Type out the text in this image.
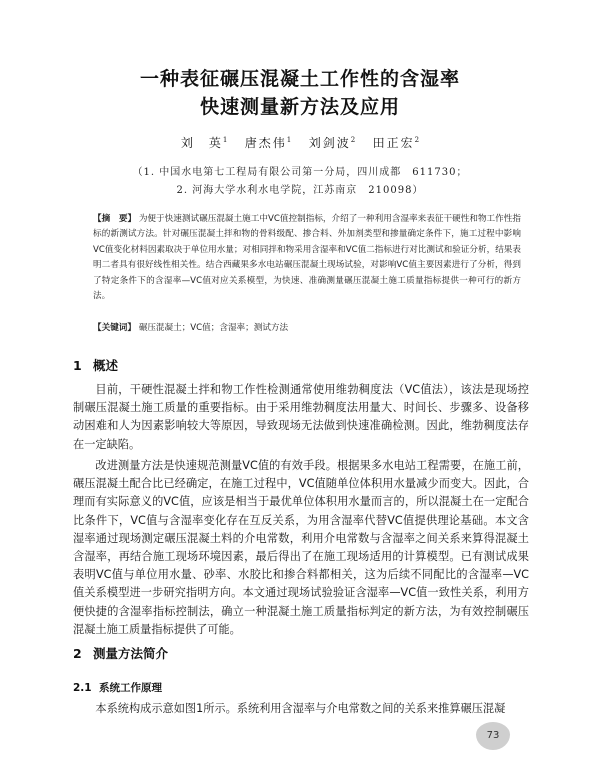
一种表征碾压混凝土工作性的含湿率
快速测量新方法及应用
刘　英$^1$ 唐杰伟$^1$ 刘剑波$^2$ 田正宏$^2$
（1. 中国水电第七工程局有限公司第一分局，四川成都　611730；
2. 河海大学水利水电学院，江苏南京　210098）
【摘　要】 为便于快速测试碾压混凝土施工中VC值控制指标，介绍了一种利用含湿率来表征干硬性和物工作性指标的新测试方法。针对碾压混凝土拌和物的骨料级配、掺合料、外加剂类型和掺量确定条件下，施工过程中影响VC值变化材料因素取决于单位用水量；对相同拌和物采用含湿率和VC值二指标进行对比测试和验证分析，结果表明二者具有很好线性相关性。结合西藏果多水电站碾压混凝土现场试验，对影响VC值主要因素进行了分析，得到了特定条件下的含湿率—VC值对应关系模型，为快速、准确测量碾压混凝土施工质量指标提供一种可行的新方法。
【关键词】 碾压混凝土；VC值；含湿率；测试方法
1 概述
目前，干硬性混凝土拌和物工作性检测通常使用维勃稠度法（VC值法），该法是现场控制碾压混凝土施工质量的重要指标。由于采用维勃稠度法用量大、时间长、步骤多、设备移动困难和人为因素影响较大等原因，导致现场无法做到快速准确检测。因此，维勃稠度法存在一定缺陷。
改进测量方法是快速规范测量VC值的有效手段。根据果多水电站工程需要，在施工前，碾压混凝土配合比已经确定，在施工过程中，VC值随单位体积用水量减少而变大。因此，合理而有实际意义的VC值，应该是相当于最优单位体积用水量而言的，所以混凝土在一定配合比条件下，VC值与含湿率变化存在互反关系，为用含湿率代替VC值提供理论基础。本文含湿率通过现场测定碾压混凝土料的介电常数，利用介电常数与含湿率之间关系来算得混凝土含湿率，再结合施工现场环境因素，最后得出了在施工现场适用的计算模型。已有测试成果表明VC值与单位用水量、砂率、水胶比和掺合料都相关，这为后续不同配比的含湿率—VC值关系模型进一步研究指明方向。本文通过现场试验验证含湿率—VC值一致性关系，利用方便快捷的含湿率指标控制法，确立一种混凝土施工质量指标判定的新方法，为有效控制碾压混凝土施工质量指标提供了可能。
2 测量方法简介
2.1 系统工作原理
本系统构成示意如图1所示。系统利用含湿率与介电常数之间的关系来推算碾压混凝
73
